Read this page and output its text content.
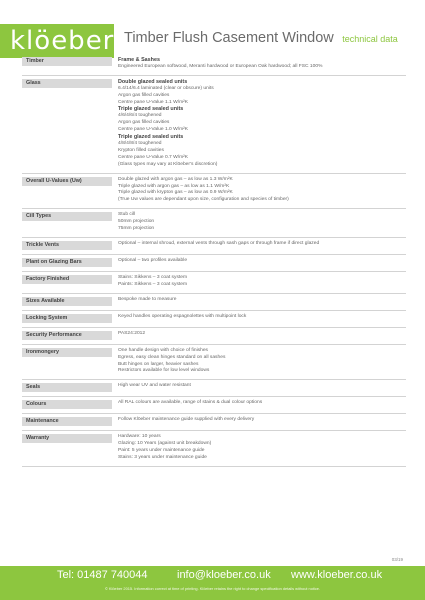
klöeber Timber Flush Casement Window technical data
Timber	Frame & Sashes
Engineered European softwood, Meranti hardwood or European Oak hardwood; all FSC 100%
Glass	Double glazed sealed units
6.4/14/6.4 laminated (clear or obscure) units
Argon gas filled cavities
Centre pane U-Value 1.1 W/m²K
Triple glazed sealed units
4/6/4/6/4 toughened
Argon gas filled cavities
Centre pane U-Value 1.0 W/m²K
Triple glazed sealed units
4/8/4/8/4 toughened
Krypton filled cavities
Centre pane U-Value 0.7 W/m²K
(Glass types may vary at Klöeber's discretion)
Overall U-Values (Uw)	Double glazed with argon gas – as low as 1.3 W/m²K
Triple glazed with argon gas – as low as 1.1 W/m²K
Triple glazed with krypton gas – as low as 0.9 W/m²K
(True Uw values are dependant upon size, configuration and species of timber)
Cill Types	Stub cill
50mm projection
75mm projection
Trickle Vents	Optional – internal shroud, external vents through sash gaps or through frame if direct glazed
Plant on Glazing Bars	Optional – two profiles available
Factory Finished	Stains: Sikkens – 3 coat system
Paints: Sikkens – 3 coat system
Sizes Available	Bespoke made to measure
Locking System	Keyed handles operating espagnolettes with multipoint lock
Security Performance	PAS24:2012
Ironmongery	One handle design with choice of finishes
Egress, easy clean hinges standard on all sashes
Butt hinges on larger, heavier sashes
Restrictors available for low level windows
Seals	High wear UV and water resistant
Colours	All RAL colours are available, range of stains & dual colour options
Maintenance	Follow Klöeber maintenance guide supplied with every delivery
Warranty	Hardware: 10 years
Glazing: 10 Years (against unit breakdown)
Paint: 5 years under maintenance guide
Stains: 3 years under maintenance guide
03/19
Tel: 01487 740044	info@kloeber.co.uk www.kloeber.co.uk
© Klöeber 2015. Information correct at time of printing. Klöeber retains the right to change specification details without notice.
